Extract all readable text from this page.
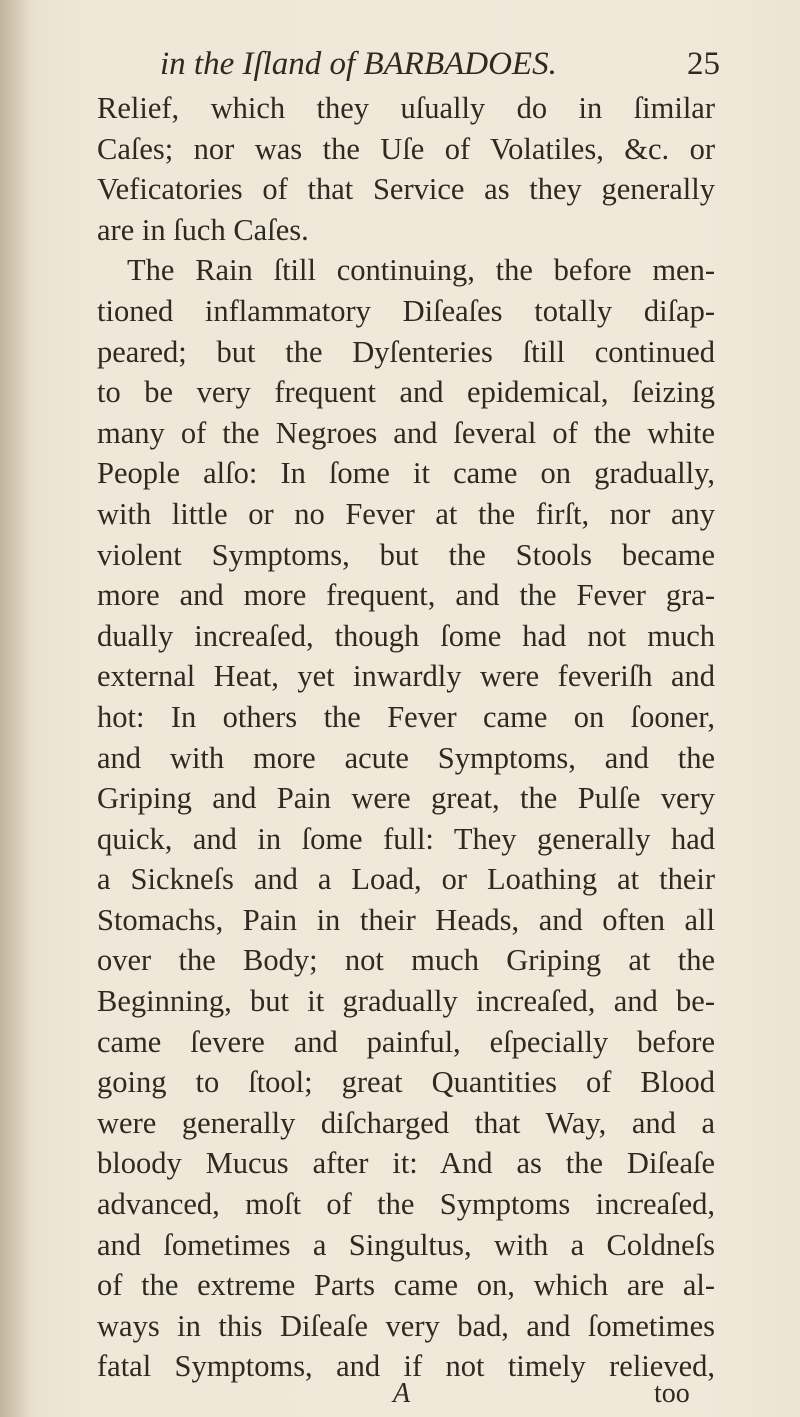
in the Iſland of BARBADOES.	25
Relief, which they uſually do in ſimilar
Caſes; nor was the Uſe of Volatiles, &c. or
Veficatories of that Service as they generally
are in ſuch Caſes.
The Rain ſtill continuing, the before men-
tioned inflammatory Diſeaſes totally diſap-
peared; but the Dyſenteries ſtill continued
to be very frequent and epidemical, ſeizing
many of the Negroes and ſeveral of the white
People alſo: In ſome it came on gradually,
with little or no Fever at the firſt, nor any
violent Symptoms, but the Stools became
more and more frequent, and the Fever gra-
dually increaſed, though ſome had not much
external Heat, yet inwardly were feveriſh and
hot: In others the Fever came on ſooner,
and with more acute Symptoms, and the
Griping and Pain were great, the Pulſe very
quick, and in ſome full: They generally had
a Sickneſs and a Load, or Loathing at their
Stomachs, Pain in their Heads, and often all
over the Body; not much Griping at the
Beginning, but it gradually increaſed, and be-
came ſevere and painful, eſpecially before
going to ſtool; great Quantities of Blood
were generally diſcharged that Way, and a
bloody Mucus after it: And as the Diſeaſe
advanced, moſt of the Symptoms increaſed,
and ſometimes a Singultus, with a Coldneſs
of the extreme Parts came on, which are al-
ways in this Diſeaſe very bad, and ſometimes
fatal Symptoms, and if not timely relieved,
A	too
